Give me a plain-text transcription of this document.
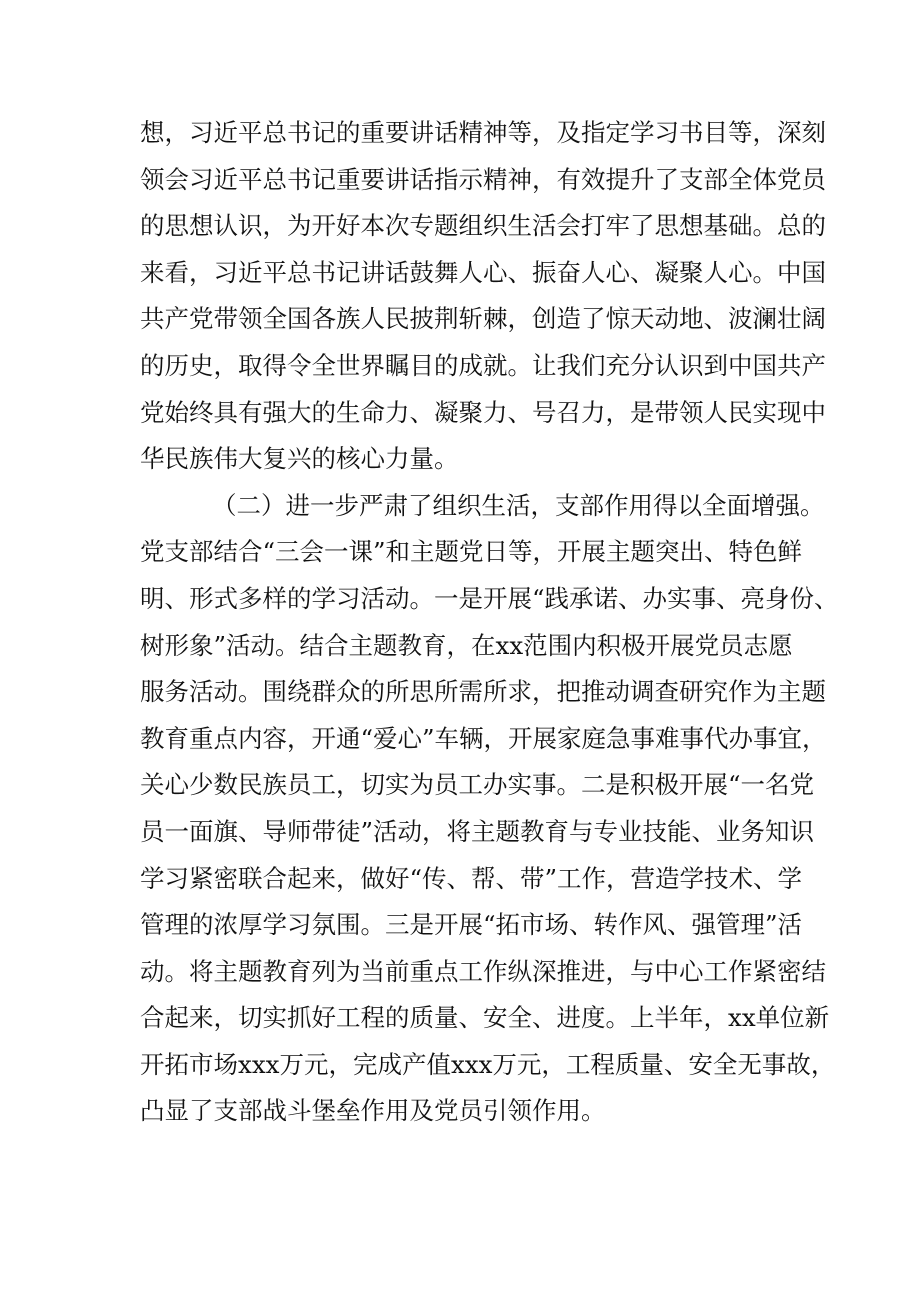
想，习近平总书记的重要讲话精神等，及指定学习书目等，深刻
领会习近平总书记重要讲话指示精神，有效提升了支部全体党员
的思想认识，为开好本次专题组织生活会打牢了思想基础。总的
来看，习近平总书记讲话鼓舞人心、振奋人心、凝聚人心。中国
共产党带领全国各族人民披荆斩棘，创造了惊天动地、波澜壮阔
的历史，取得令全世界瞩目的成就。让我们充分认识到中国共产
党始终具有强大的生命力、凝聚力、号召力，是带领人民实现中
华民族伟大复兴的核心力量。
（二）进一步严肃了组织生活，支部作用得以全面增强。
党支部结合“三会一课”和主题党日等，开展主题突出、特色鲜
明、形式多样的学习活动。一是开展“践承诺、办实事、亮身份、
树形象”活动。结合主题教育，在xx范围内积极开展党员志愿
服务活动。围绕群众的所思所需所求，把推动调查研究作为主题
教育重点内容，开通“爱心”车辆，开展家庭急事难事代办事宜，
关心少数民族员工，切实为员工办实事。二是积极开展“一名党
员一面旗、导师带徒”活动，将主题教育与专业技能、业务知识
学习紧密联合起来，做好“传、帮、带”工作，营造学技术、学
管理的浓厚学习氛围。三是开展“拓市场、转作风、强管理”活
动。将主题教育列为当前重点工作纵深推进，与中心工作紧密结
合起来，切实抓好工程的质量、安全、进度。上半年，xx单位新
开拓市场xxx万元，完成产值xxx万元，工程质量、安全无事故，
凸显了支部战斗堡垒作用及党员引领作用。
